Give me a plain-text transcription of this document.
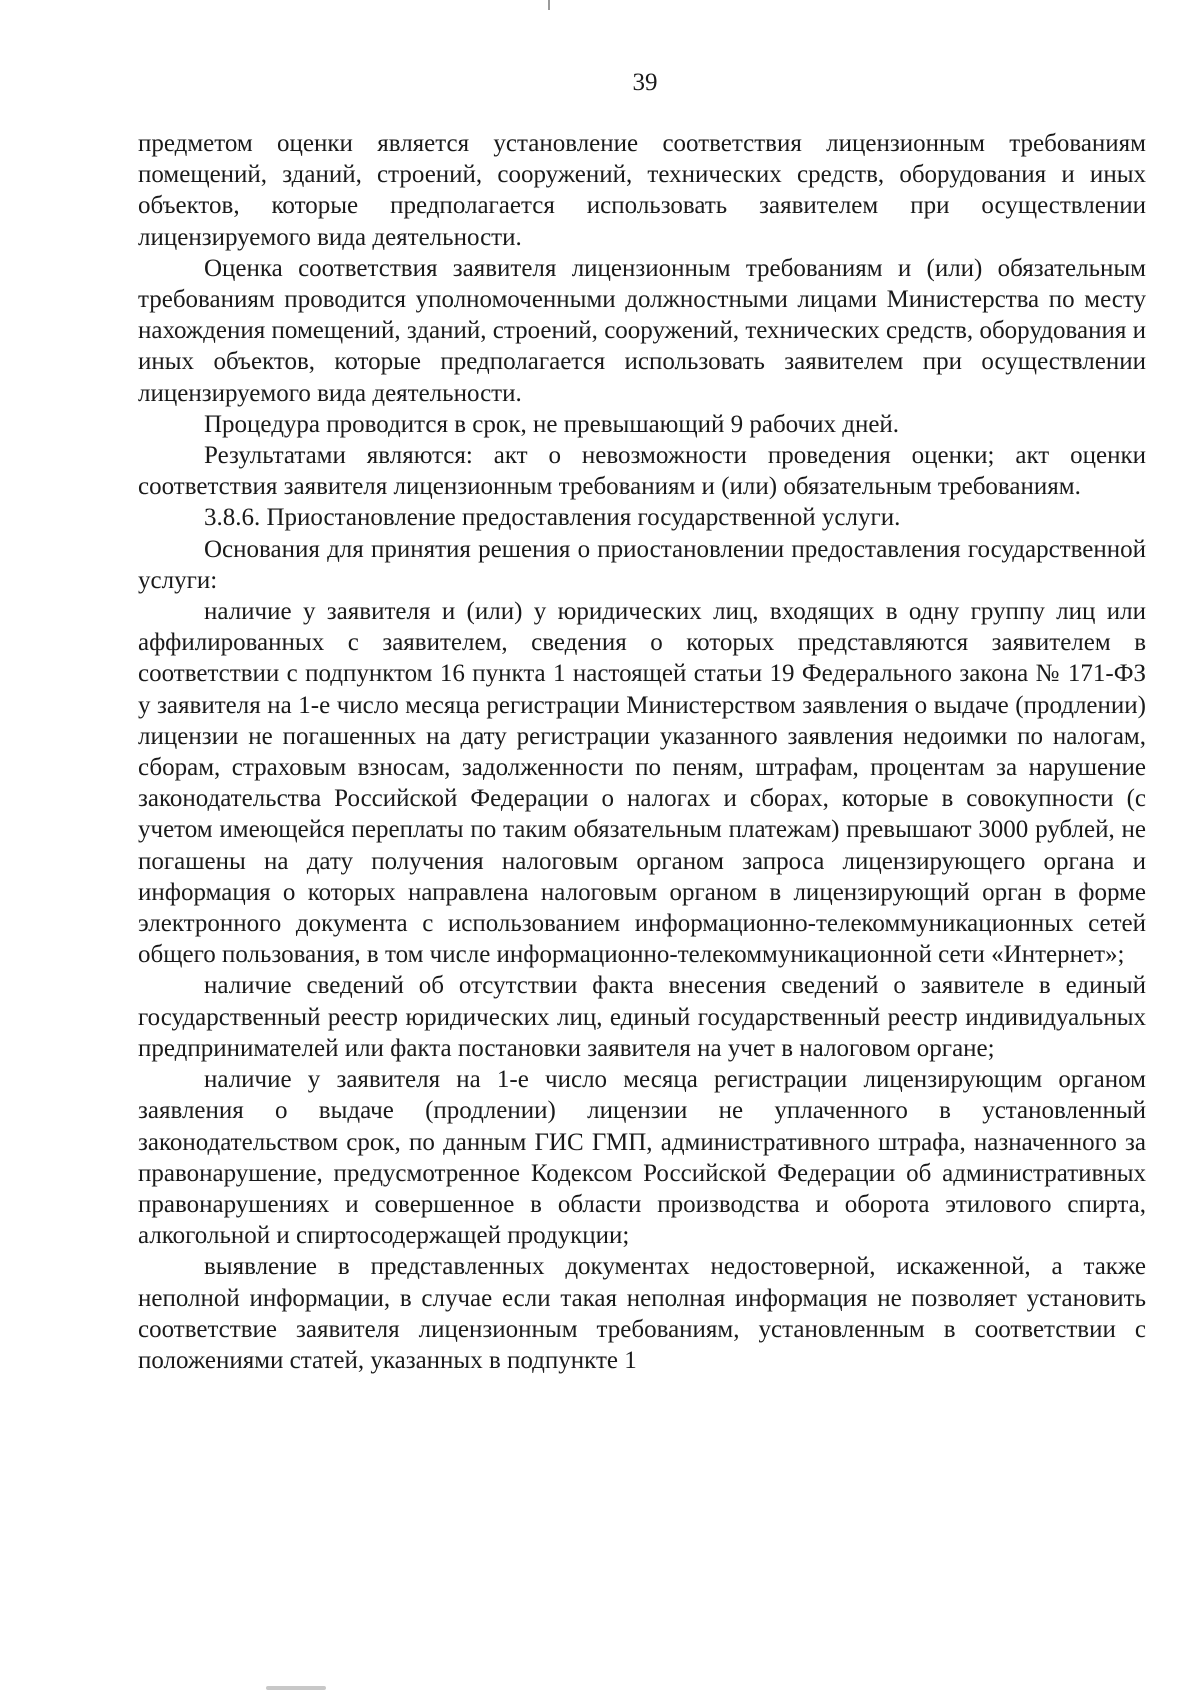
39

предметом оценки является установление соответствия лицензионным требованиям помещений, зданий, строений, сооружений, технических средств, оборудования и иных объектов, которые предполагается использовать заявителем при осуществлении лицензируемого вида деятельности.

Оценка соответствия заявителя лицензионным требованиям и (или) обязательным требованиям проводится уполномоченными должностными лицами Министерства по месту нахождения помещений, зданий, строений, сооружений, технических средств, оборудования и иных объектов, которые предполагается использовать заявителем при осуществлении лицензируемого вида деятельности.

Процедура проводится в срок, не превышающий 9 рабочих дней.

Результатами являются: акт о невозможности проведения оценки; акт оценки соответствия заявителя лицензионным требованиям и (или) обязательным требованиям.

3.8.6. Приостановление предоставления государственной услуги.

Основания для принятия решения о приостановлении предоставления государственной услуги:

наличие у заявителя и (или) у юридических лиц, входящих в одну группу лиц или аффилированных с заявителем, сведения о которых представляются заявителем в соответствии с подпунктом 16 пункта 1 настоящей статьи 19 Федерального закона № 171-ФЗ у заявителя на 1-е число месяца регистрации Министерством заявления о выдаче (продлении) лицензии не погашенных на дату регистрации указанного заявления недоимки по налогам, сборам, страховым взносам, задолженности по пеням, штрафам, процентам за нарушение законодательства Российской Федерации о налогах и сборах, которые в совокупности (с учетом имеющейся переплаты по таким обязательным платежам) превышают 3000 рублей, не погашены на дату получения налоговым органом запроса лицензирующего органа и информация о которых направлена налоговым органом в лицензирующий орган в форме электронного документа с использованием информационно-телекоммуникационных сетей общего пользования, в том числе информационно-телекоммуникационной сети «Интернет»;

наличие сведений об отсутствии факта внесения сведений о заявителе в единый государственный реестр юридических лиц, единый государственный реестр индивидуальных предпринимателей или факта постановки заявителя на учет в налоговом органе;

наличие у заявителя на 1-е число месяца регистрации лицензирующим органом заявления о выдаче (продлении) лицензии не уплаченного в установленный законодательством срок, по данным ГИС ГМП, административного штрафа, назначенного за правонарушение, предусмотренное Кодексом Российской Федерации об административных правонарушениях и совершенное в области производства и оборота этилового спирта, алкогольной и спиртосодержащей продукции;

выявление в представленных документах недостоверной, искаженной, а также неполной информации, в случае если такая неполная информация не позволяет установить соответствие заявителя лицензионным требованиям, установленным в соответствии с положениями статей, указанных в подпункте 1
